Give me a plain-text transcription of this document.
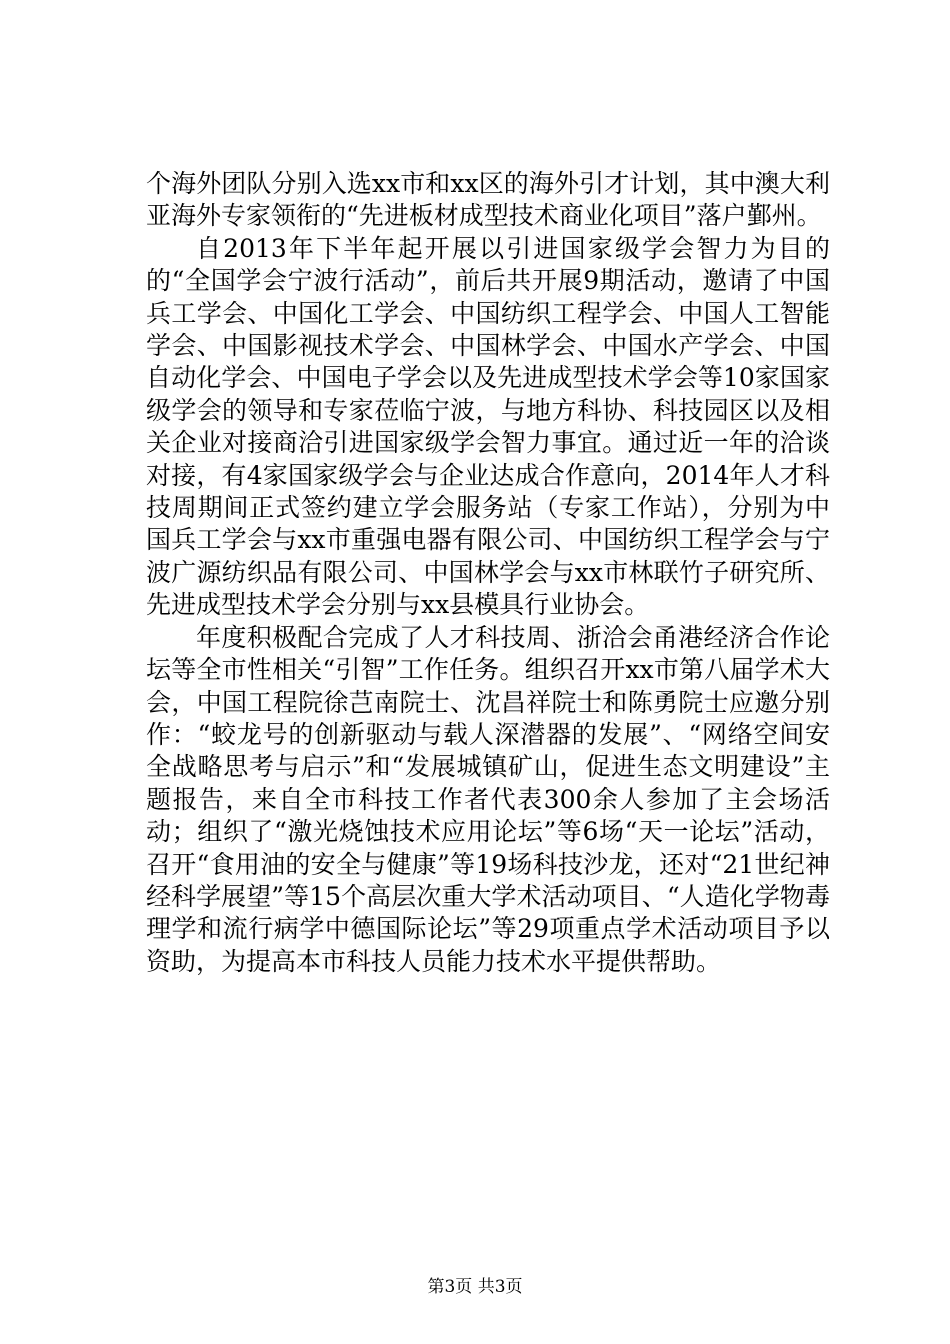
个海外团队分别入选xx市和xx区的海外引才计划，其中澳大利亚海外专家领衔的“先进板材成型技术商业化项目”落户鄞州。

自2013年下半年起开展以引进国家级学会智力为目的的“全国学会宁波行活动”，前后共开展9期活动，邀请了中国兵工学会、中国化工学会、中国纺织工程学会、中国人工智能学会、中国影视技术学会、中国林学会、中国水产学会、中国自动化学会、中国电子学会以及先进成型技术学会等10家国家级学会的领导和专家莅临宁波，与地方科协、科技园区以及相关企业对接商洽引进国家级学会智力事宜。通过近一年的洽谈对接，有4家国家级学会与企业达成合作意向，2014年人才科技周期间正式签约建立学会服务站（专家工作站），分别为中国兵工学会与xx市重强电器有限公司、中国纺织工程学会与宁波广源纺织品有限公司、中国林学会与xx市林联竹子研究所、先进成型技术学会分别与xx县模具行业协会。

年度积极配合完成了人才科技周、浙洽会甬港经济合作论坛等全市性相关“引智”工作任务。组织召开xx市第八届学术大会，中国工程院徐芑南院士、沈昌祥院士和陈勇院士应邀分别作：“蛟龙号的创新驱动与载人深潜器的发展”、“网络空间安全战略思考与启示”和“发展城镇矿山，促进生态文明建设”主题报告，来自全市科技工作者代表300余人参加了主会场活动；组织了“激光烧蚀技术应用论坛”等6场“天一论坛”活动，召开“食用油的安全与健康”等19场科技沙龙，还对“21世纪神经科学展望”等15个高层次重大学术活动项目、“人造化学物毒理学和流行病学中德国际论坛”等29项重点学术活动项目予以资助，为提高本市科技人员能力技术水平提供帮助。

第3页 共3页
